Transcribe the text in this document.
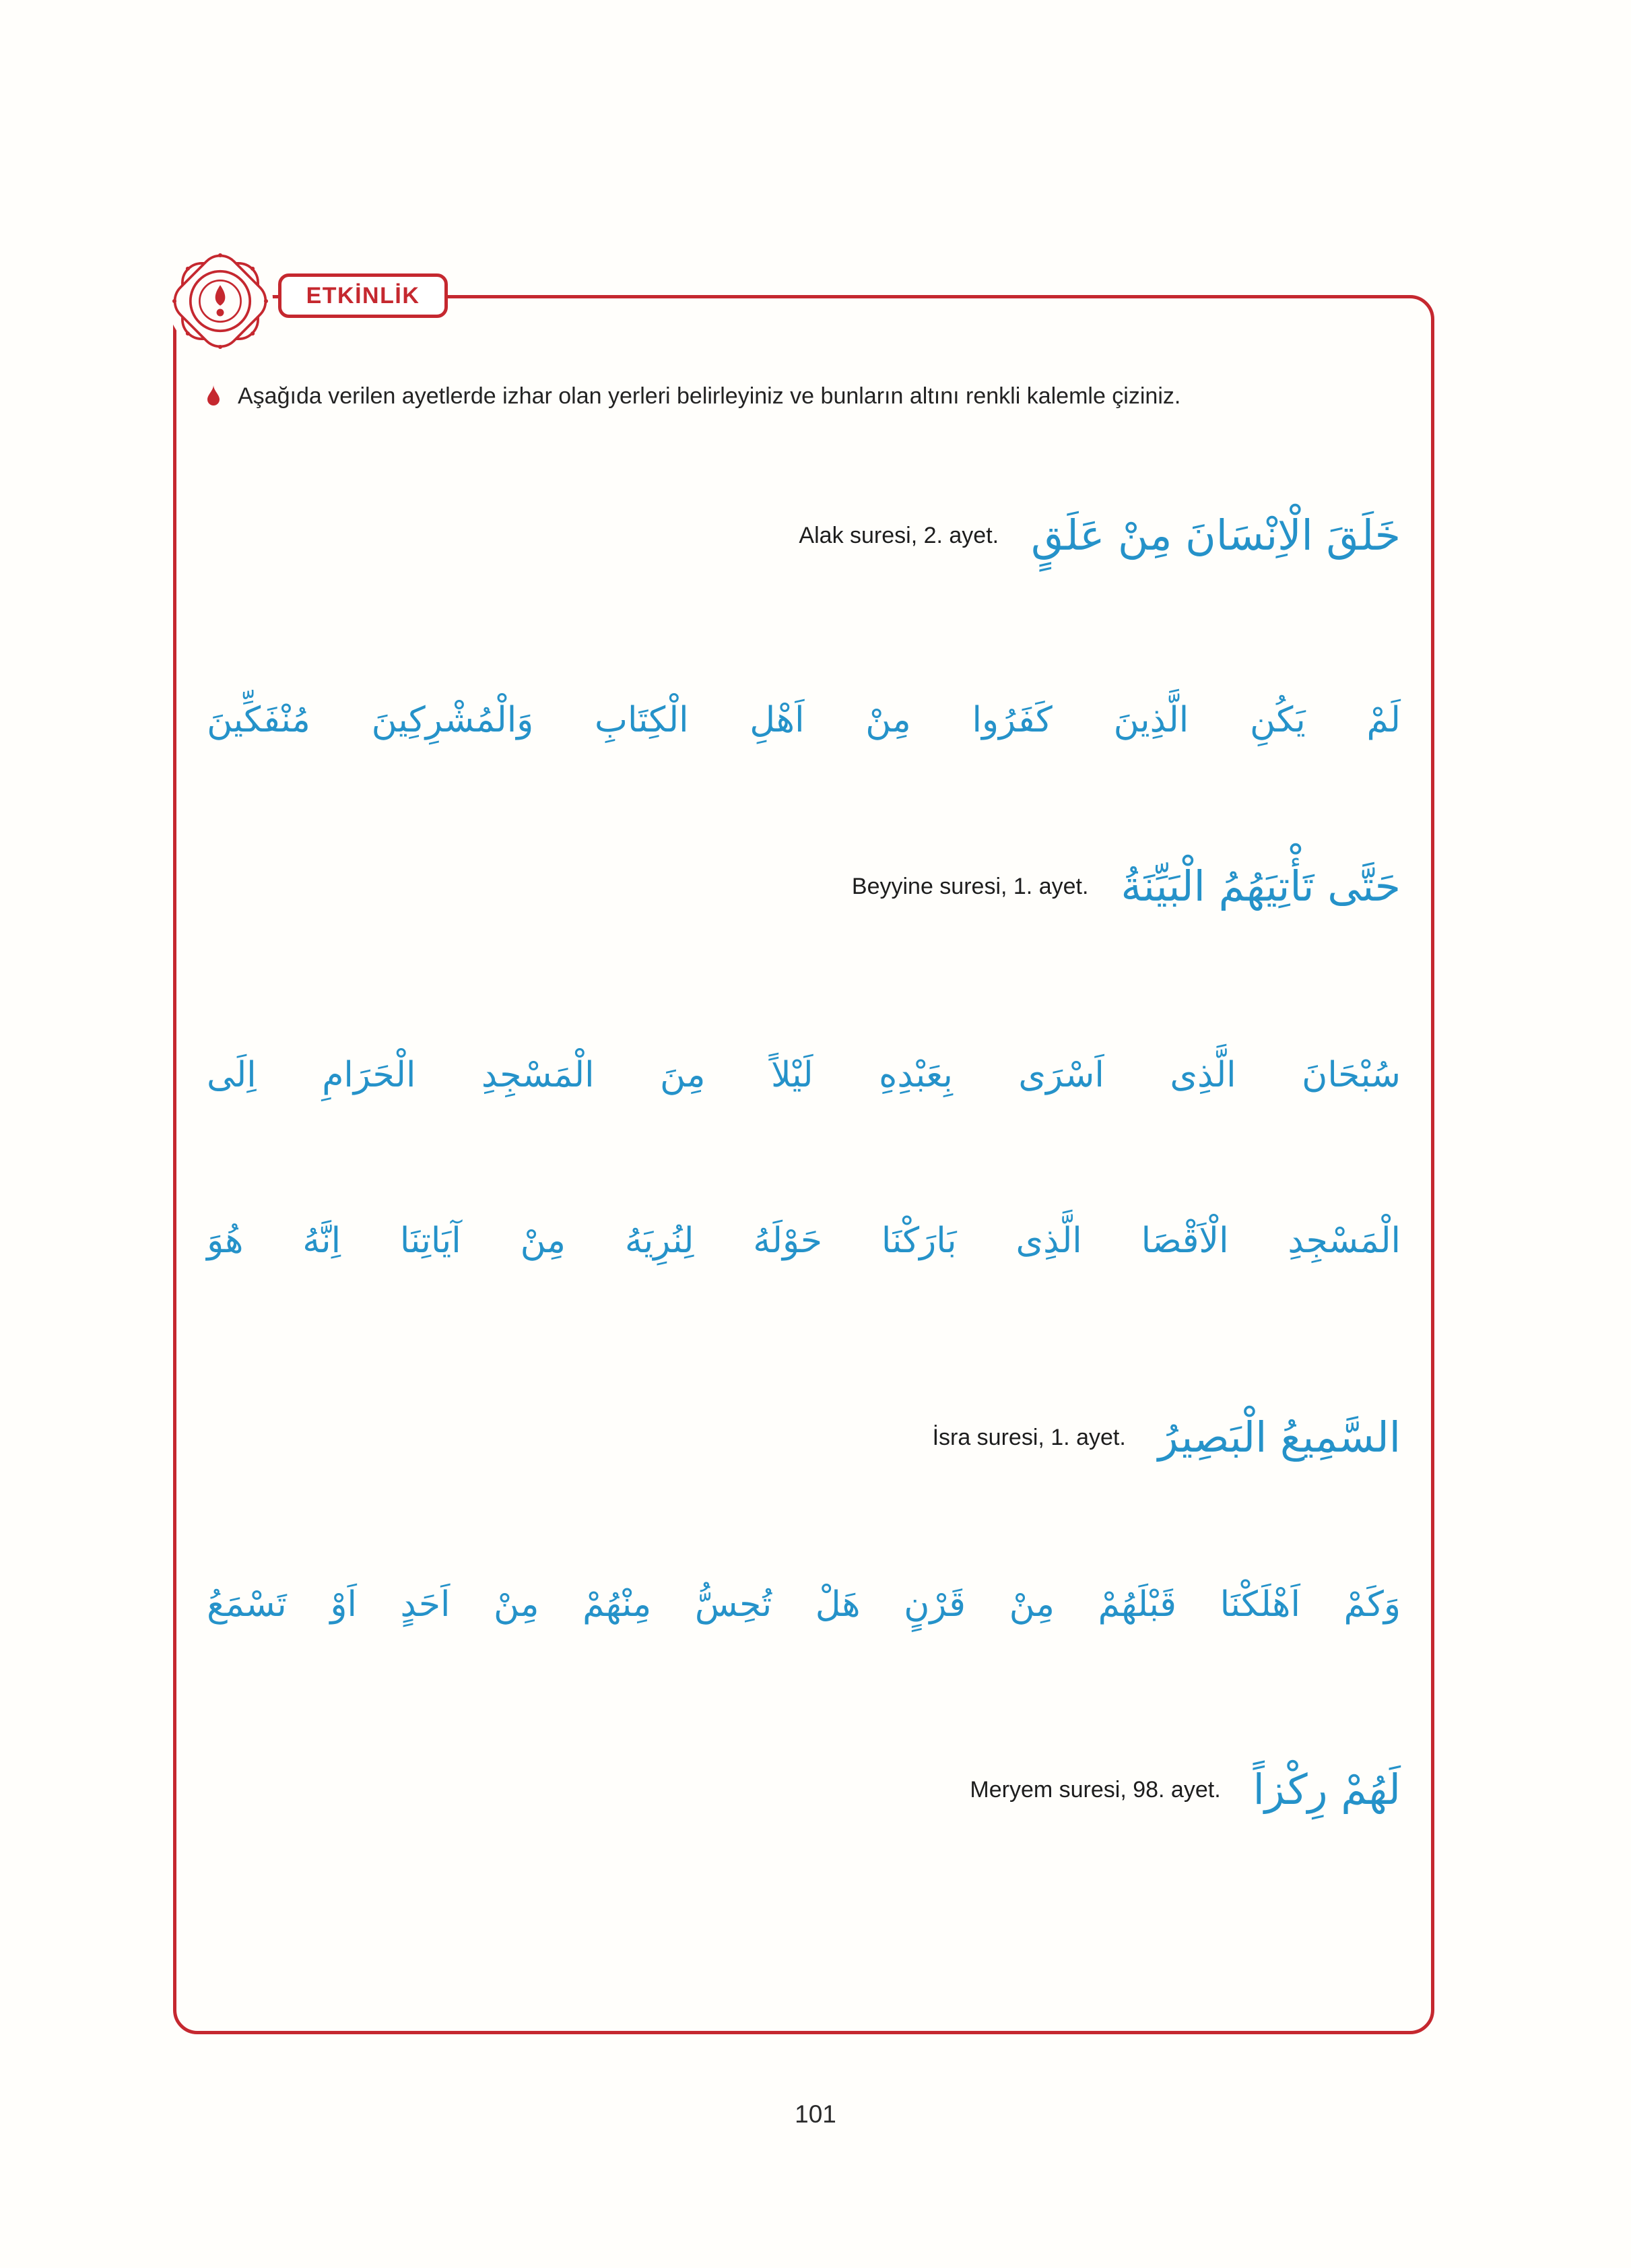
ETKİNLİK
Alak suresi, 2. ayet. خَلَقَ الْاِنْسَانَ مِنْ عَلَقٍ
لَمْ
يَكُنِ
الَّذِينَ
كَفَرُوا
مِنْ
اَهْلِ
الْكِتَابِ
وَالْمُشْرِكِينَ
مُنْفَكِّينَ
Beyyine suresi, 1. ayet. حَتَّى تَأْتِيَهُمُ الْبَيِّنَةُ
سُبْحَانَ
الَّذِى
اَسْرَى
بِعَبْدِهِ
لَيْلاً
مِنَ
الْمَسْجِدِ
الْحَرَامِ
اِلَى
الْمَسْجِدِ
الْاَقْصَا
الَّذِى
بَارَكْنَا
حَوْلَهُ
لِنُرِيَهُ
مِنْ
آيَاتِنَا
اِنَّهُ
هُوَ
İsra suresi, 1. ayet. السَّمِيعُ الْبَصِيرُ
وَكَمْ
اَهْلَكْنَا
قَبْلَهُمْ
مِنْ
قَرْنٍ
هَلْ
تُحِسُّ
مِنْهُمْ
مِنْ
اَحَدٍ
اَوْ
تَسْمَعُ
Meryem suresi, 98. ayet. لَهُمْ رِكْزاً
Aşağıda verilen ayetlerde izhar olan yerleri belirleyiniz ve bunların altını renkli kalemle çiziniz.
101
